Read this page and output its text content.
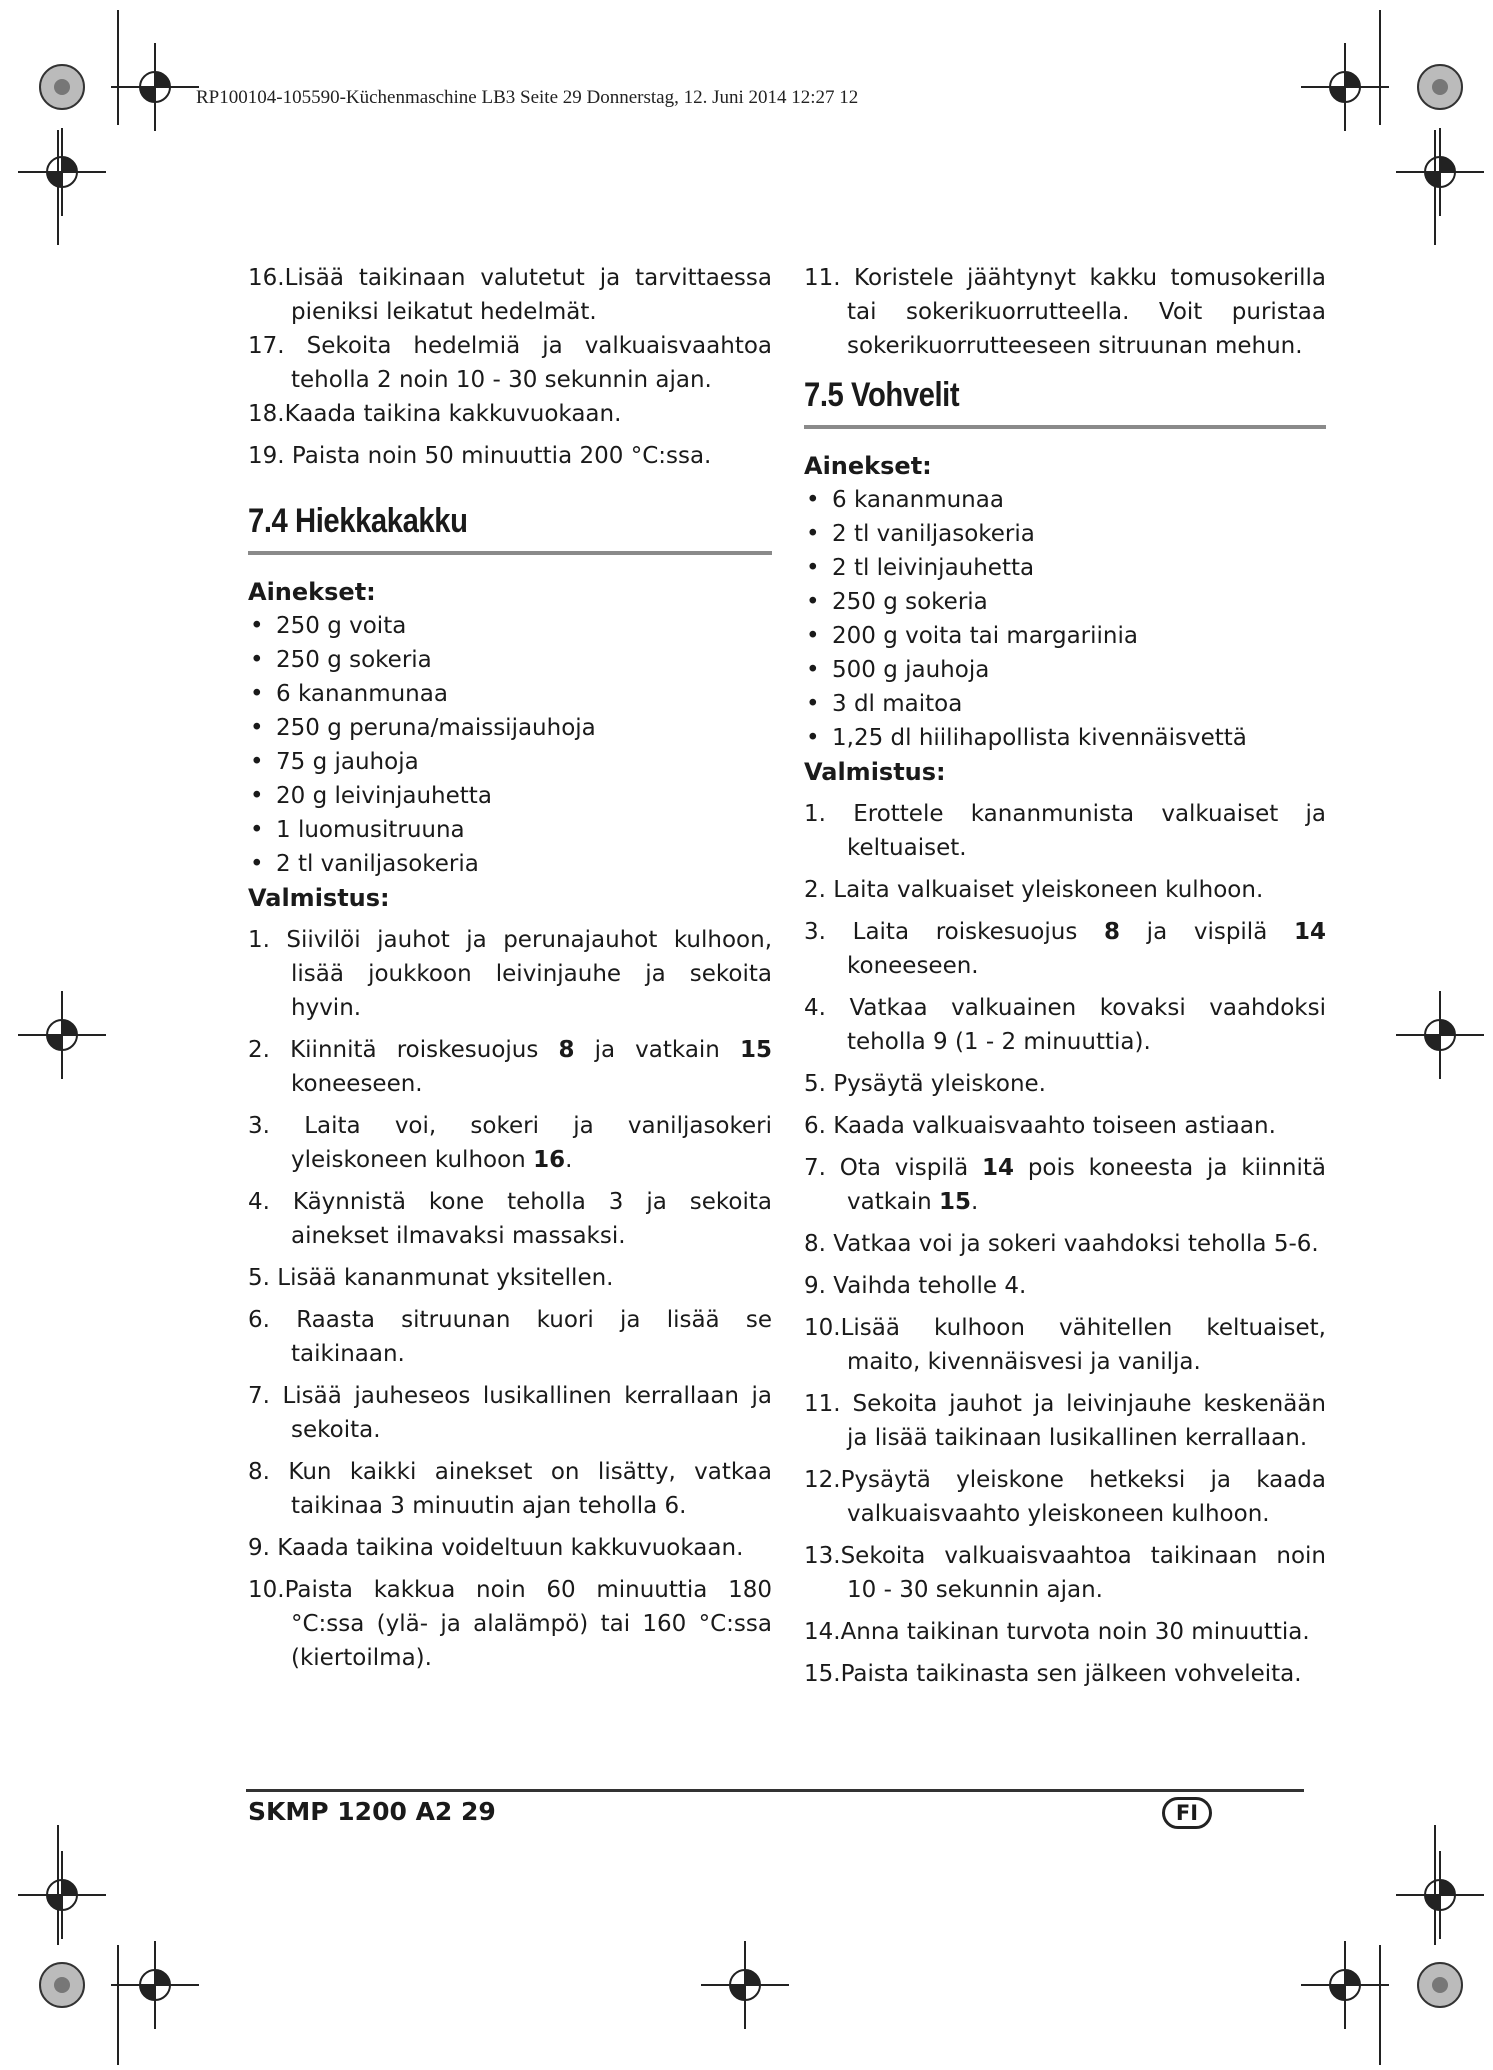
RP100104-105590-Küchenmaschine LB3 Seite 29 Donnerstag, 12. Juni 2014 12:27 12

16.Lisää taikinaan valutetut ja tarvittaessa pieniksi leikatut hedelmät.

17. Sekoita hedelmiä ja valkuaisvaahtoa teholla 2 noin 10 - 30 sekunnin ajan.

18.Kaada taikina kakkuvuokaan.

19. Paista noin 50 minuuttia 200 °C:ssa.

7.4 Hiekkakakku
Ainekset:
• 250 g voita
• 250 g sokeria
• 6 kananmunaa
• 250 g peruna/maissijauhoja
• 75 g jauhoja
• 20 g leivinjauhetta
• 1 luomusitruuna
• 2 tl vaniljasokeria
Valmistus:

1. Siivilöi jauhot ja perunajauhot kulhoon, lisää joukkoon leivinjauhe ja sekoita hyvin.

2. Kiinnitä roiskesuojus 8 ja vatkain 15 koneeseen.

3. Laita voi, sokeri ja vaniljasokeri yleiskoneen kulhoon 16.

4. Käynnistä kone teholla 3 ja sekoita ainekset ilmavaksi massaksi.

5. Lisää kananmunat yksitellen.

6. Raasta sitruunan kuori ja lisää se taikinaan.

7. Lisää jauheseos lusikallinen kerrallaan ja sekoita.

8. Kun kaikki ainekset on lisätty, vatkaa taikinaa 3 minuutin ajan teholla 6.

9. Kaada taikina voideltuun kakkuvuokaan.

10.Paista kakkua noin 60 minuuttia 180 °C:ssa (ylä- ja alalämpö) tai 160 °C:ssa (kiertoilma).

11. Koristele jäähtynyt kakku tomusokerilla tai sokerikuorrutteella. Voit puristaa sokerikuorrutteeseen sitruunan mehun.

7.5 Vohvelit
Ainekset:
• 6 kananmunaa
• 2 tl vaniljasokeria
• 2 tl leivinjauhetta
• 250 g sokeria
• 200 g voita tai margariinia
• 500 g jauhoja
• 3 dl maitoa
• 1,25 dl hiilihapollista kivennäisvettä
Valmistus:

1. Erottele kananmunista valkuaiset ja keltuaiset.

2. Laita valkuaiset yleiskoneen kulhoon.

3. Laita roiskesuojus 8 ja vispilä 14 koneeseen.

4. Vatkaa valkuainen kovaksi vaahdoksi teholla 9 (1 - 2 minuuttia).

5. Pysäytä yleiskone.

6. Kaada valkuaisvaahto toiseen astiaan.

7. Ota vispilä 14 pois koneesta ja kiinnitä vatkain 15.

8. Vatkaa voi ja sokeri vaahdoksi teholla 5-6.

9. Vaihda teholle 4.

10.Lisää kulhoon vähitellen keltuaiset, maito, kivennäisvesi ja vanilja.

11. Sekoita jauhot ja leivinjauhe keskenään ja lisää taikinaan lusikallinen kerrallaan.

12.Pysäytä yleiskone hetkeksi ja kaada valkuaisvaahto yleiskoneen kulhoon.

13.Sekoita valkuaisvaahtoa taikinaan noin 10 - 30 sekunnin ajan.

14.Anna taikinan turvota noin 30 minuuttia.

15.Paista taikinasta sen jälkeen vohveleita.

SKMP 1200 A2 29	FI
